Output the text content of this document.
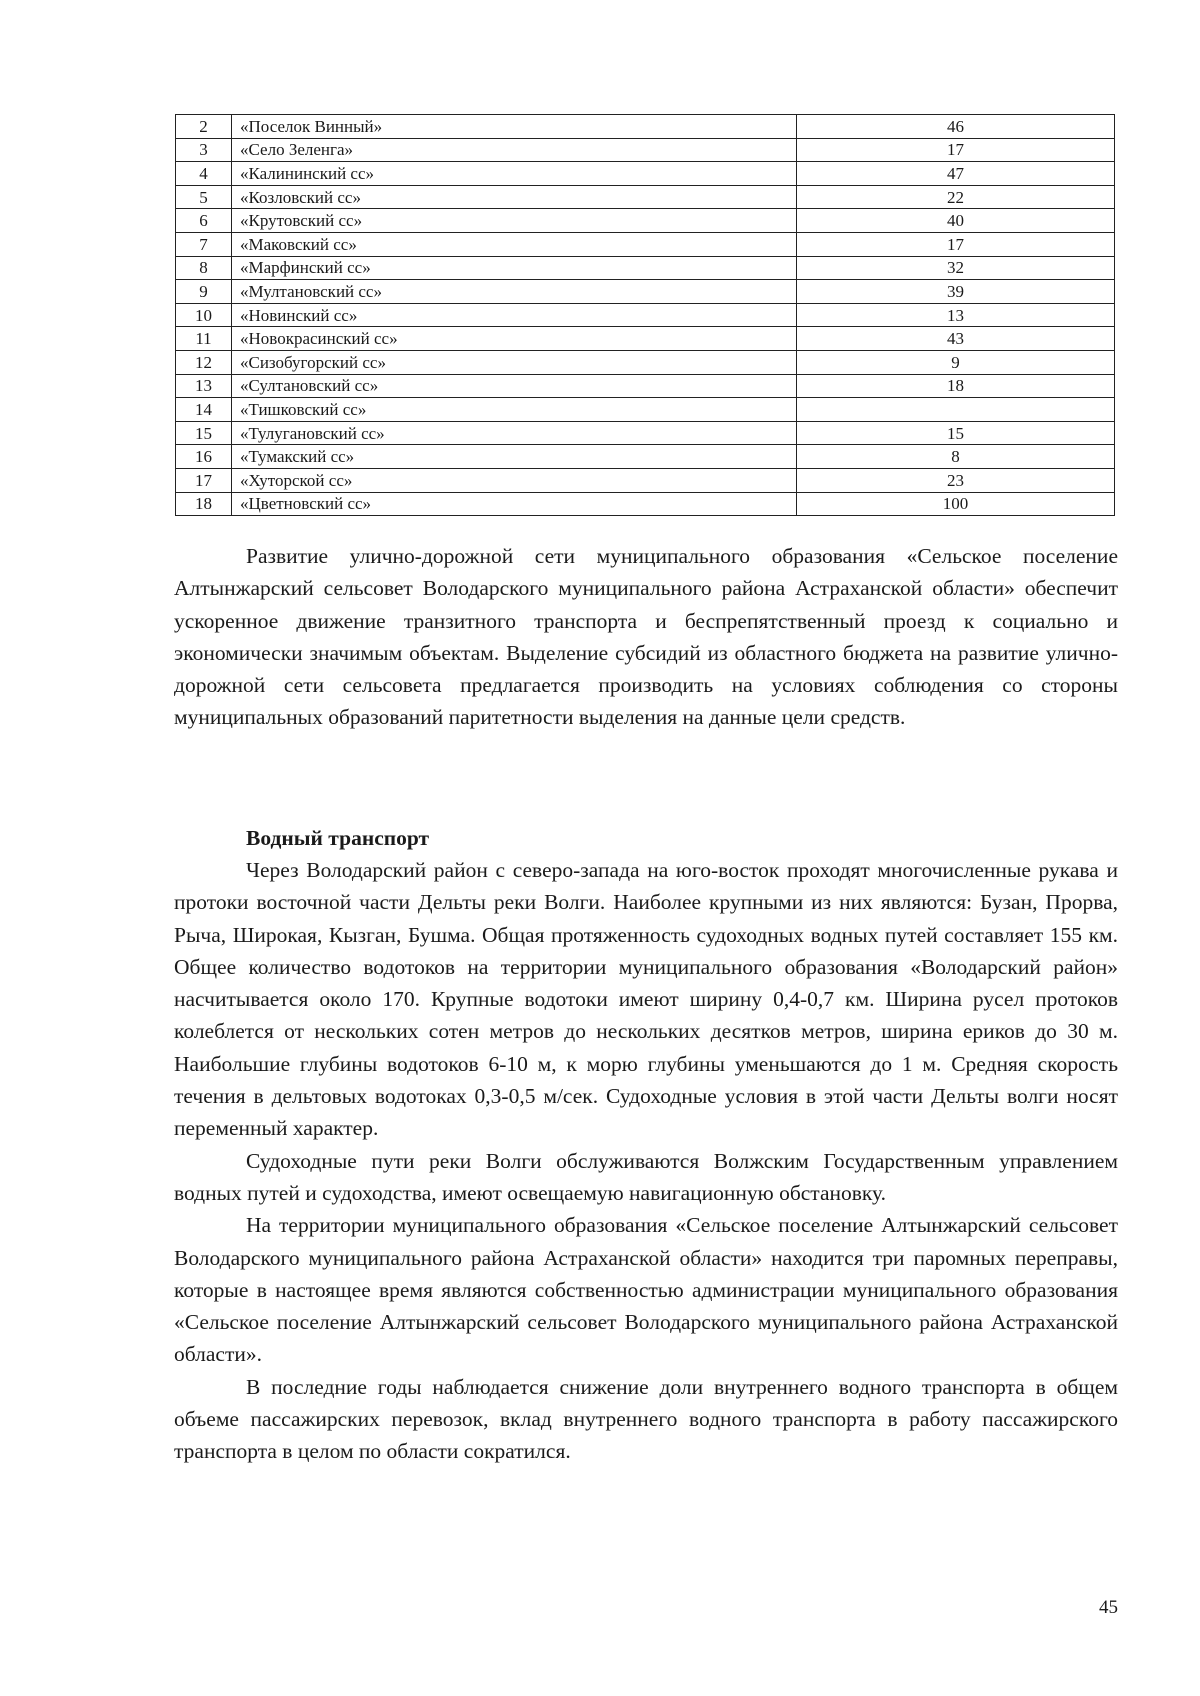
2	«Поселок Винный»	46
3	«Село Зеленга»	17
4	«Калининский сс»	47
5	«Козловский сс»	22
6	«Крутовский сс»	40
7	«Маковский сс»	17
8	«Марфинский сс»	32
9	«Мултановский сс»	39
10	«Новинский сс»	13
11	«Новокрасинский сс»	43
12	«Сизобугорский сс»	9
13	«Султановский сс»	18
14	«Тишковский сс»	
15	«Тулугановский сс»	15
16	«Тумакский сс»	8
17	«Хуторской сс»	23
18	«Цветновский сс»	100

Развитие улично-дорожной сети муниципального образования «Сельское поселение Алтынжарский сельсовет Володарского муниципального района Астраханской области» обеспечит ускоренное движение транзитного транспорта и беспрепятственный проезд к социально и экономически значимым объектам. Выделение субсидий из областного бюджета на развитие улично-дорожной сети сельсовета предлагается производить на условиях соблюдения со стороны муниципальных образований паритетности выделения на данные цели средств.

Водный транспорт

Через Володарский район с северо-запада на юго-восток проходят многочисленные рукава и протоки восточной части Дельты реки Волги. Наиболее крупными из них являются: Бузан, Прорва, Рыча, Широкая, Кызган, Бушма. Общая протяженность судоходных водных путей составляет 155 км. Общее количество водотоков на территории муниципального образования «Володарский район» насчитывается около 170. Крупные водотоки имеют ширину 0,4-0,7 км. Ширина русел протоков колеблется от нескольких сотен метров до нескольких десятков метров, ширина ериков до 30 м. Наибольшие глубины водотоков 6-10 м, к морю глубины уменьшаются до 1 м. Средняя скорость течения в дельтовых водотоках 0,3-0,5 м/сек. Судоходные условия в этой части Дельты волги носят переменный характер.

Судоходные пути реки Волги обслуживаются Волжским Государственным управлением водных путей и судоходства, имеют освещаемую навигационную обстановку.

На территории муниципального образования «Сельское поселение Алтынжарский сельсовет Володарского муниципального района Астраханской области» находится три паромных переправы, которые в настоящее время являются собственностью администрации муниципального образования «Сельское поселение Алтынжарский сельсовет Володарского муниципального района Астраханской области».

В последние годы наблюдается снижение доли внутреннего водного транспорта в общем объеме пассажирских перевозок, вклад внутреннего водного транспорта в работу пассажирского транспорта в целом по области сократился.

45
